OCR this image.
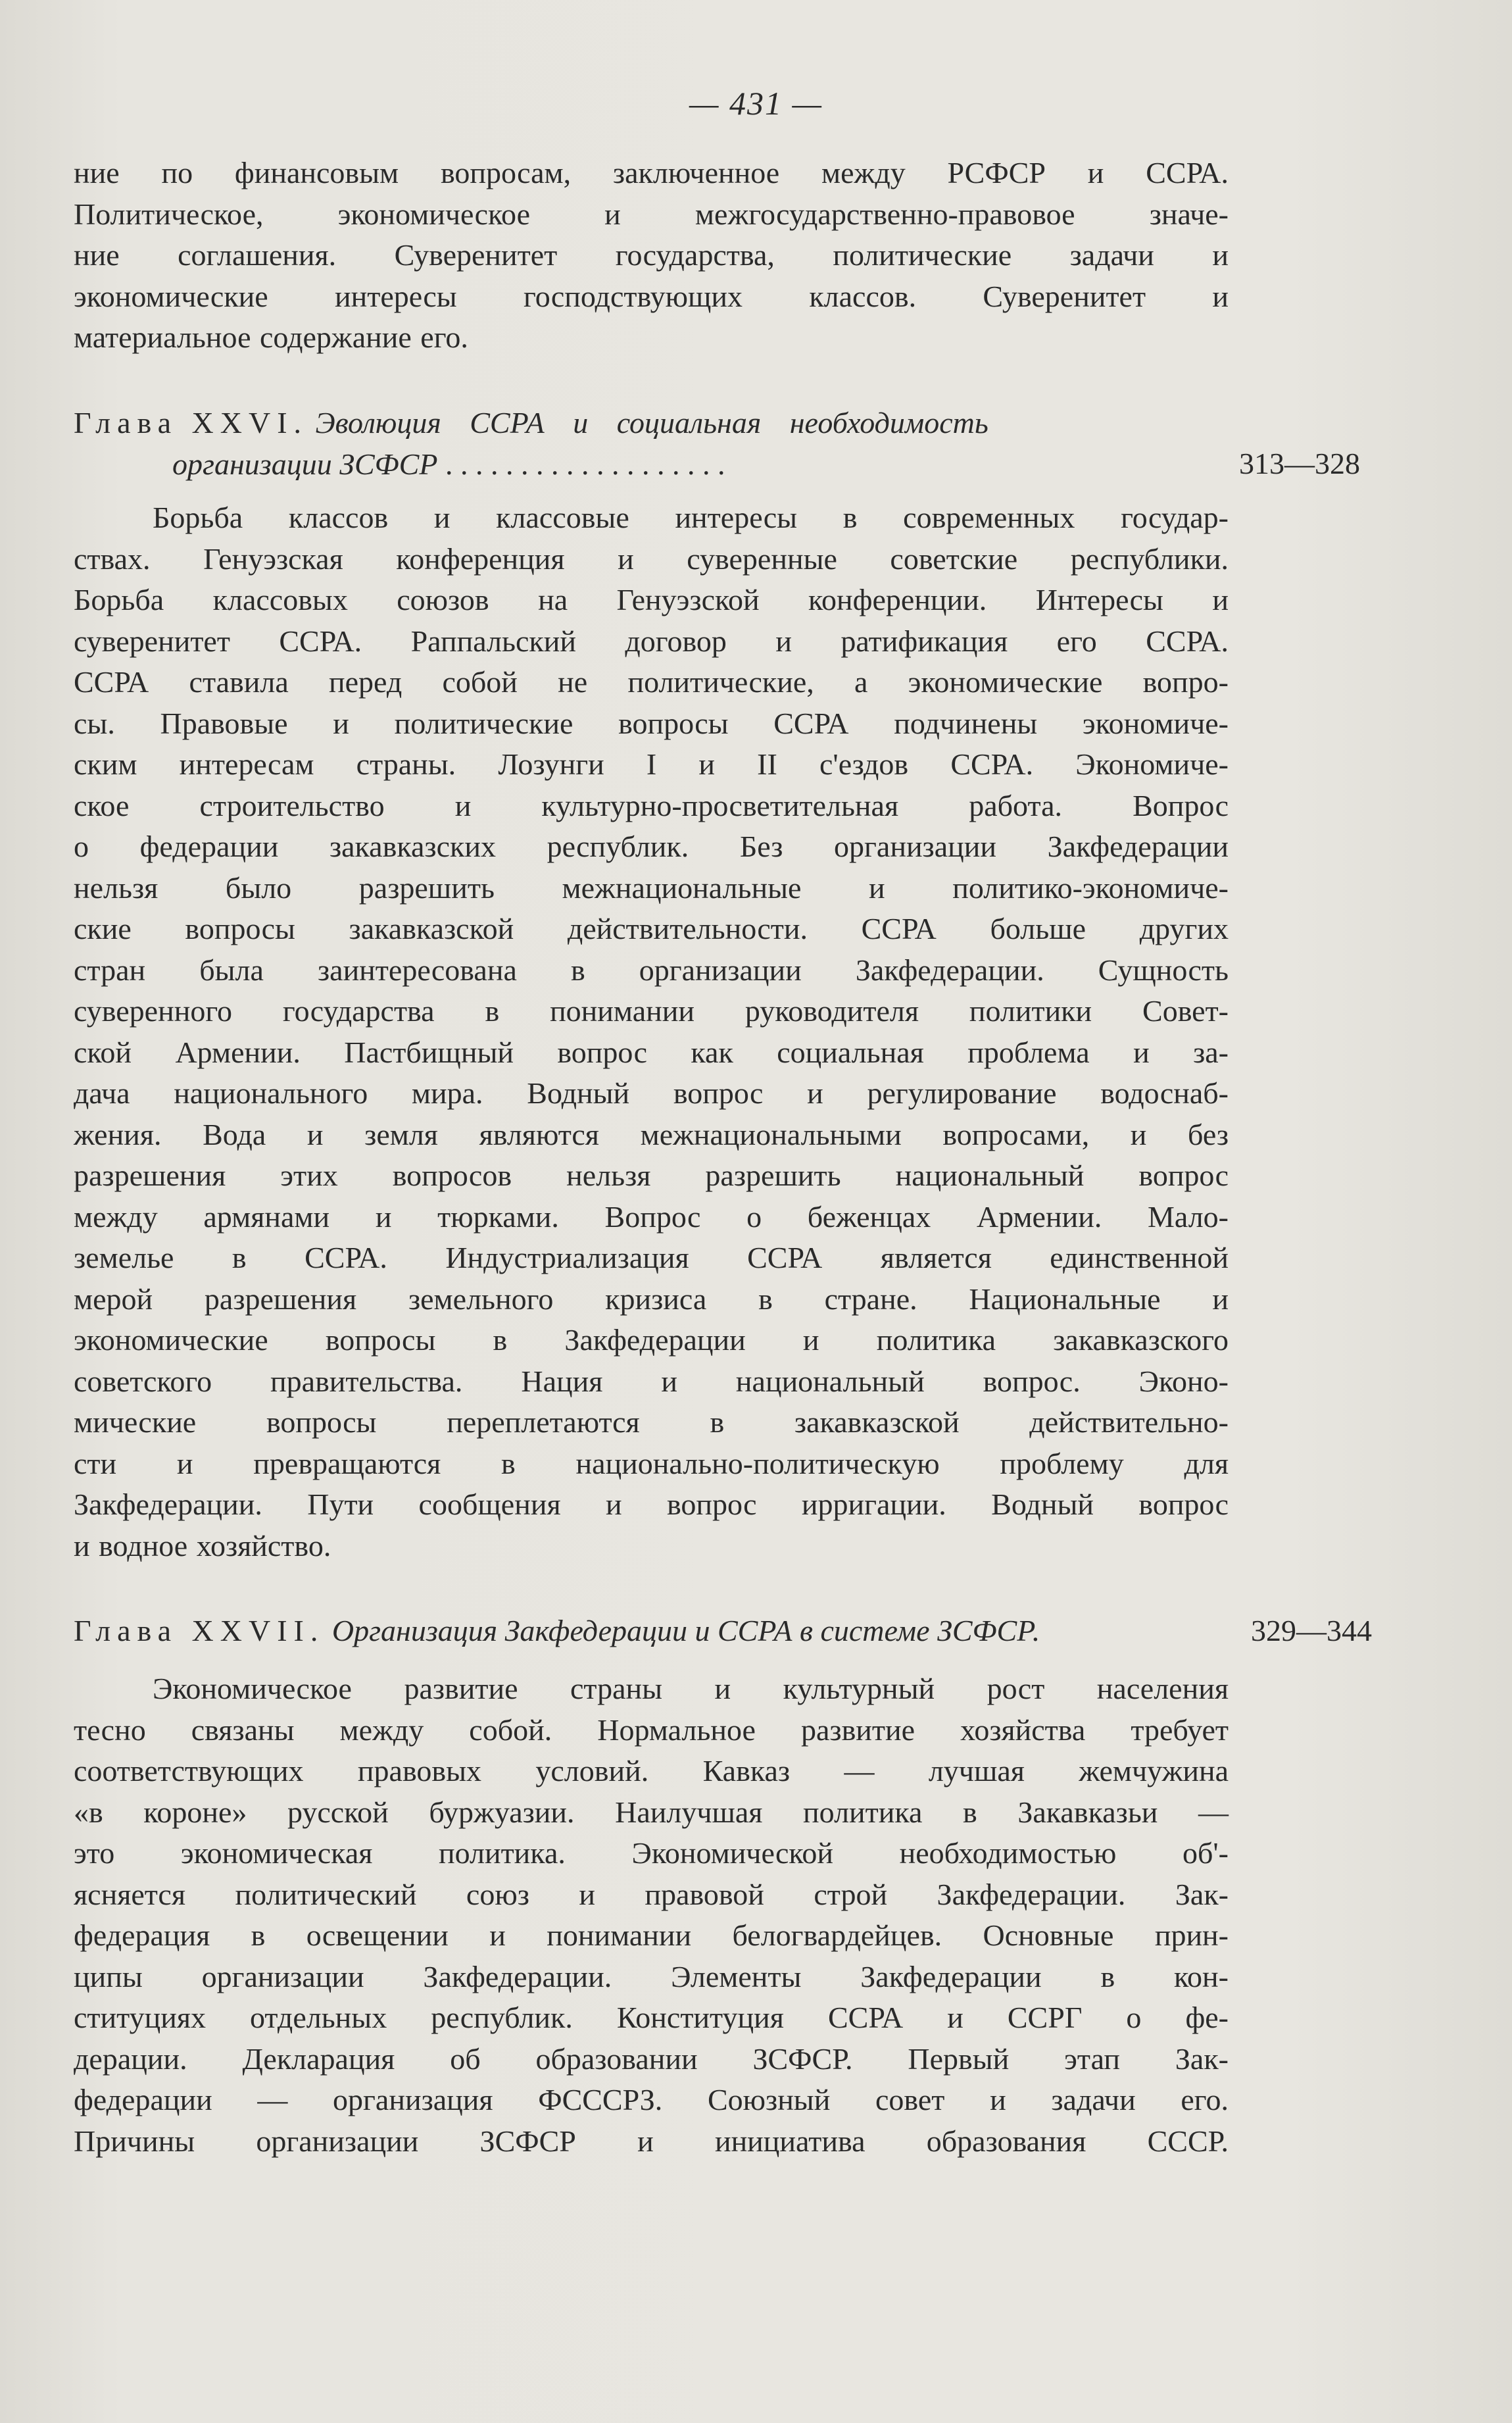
— 431 —
ние по финансовым вопросам, заключенное между РСФСР и ССРА.
Политическое, экономическое и межгосударственно-правовое значе-
ние соглашения. Суверенитет государства, политические задачи и
экономические интересы господствующих классов. Суверенитет и
материальное содержание его.
Глава XXVI. Эволюция ССРА и социальная необходимость
организации ЗСФСР . . . . . . . . . . . . . . . . . . .	313—328
Борьба классов и классовые интересы в современных государ-
ствах. Генуэзская конференция и суверенные советские республики.
Борьба классовых союзов на Генуэзской конференции. Интересы и
суверенитет ССРА. Раппальский договор и ратификация его ССРА.
ССРА ставила перед собой не политические, а экономические вопро-
сы. Правовые и политические вопросы ССРА подчинены экономиче-
ским интересам страны. Лозунги I и II с'ездов ССРА. Экономиче-
ское строительство и культурно-просветительная работа. Вопрос
о федерации закавказских республик. Без организации Закфедерации
нельзя было разрешить межнациональные и политико-экономиче-
ские вопросы закавказской действительности. ССРА больше других
стран была заинтересована в организации Закфедерации. Сущность
суверенного государства в понимании руководителя политики Совет-
ской Армении. Пастбищный вопрос как социальная проблема и за-
дача национального мира. Водный вопрос и регулирование водоснаб-
жения. Вода и земля являются межнациональными вопросами, и без
разрешения этих вопросов нельзя разрешить национальный вопрос
между армянами и тюрками. Вопрос о беженцах Армении. Мало-
земелье в ССРА. Индустриализация ССРА является единственной
мерой разрешения земельного кризиса в стране. Национальные и
экономические вопросы в Закфедерации и политика закавказского
советского правительства. Нация и национальный вопрос. Эконо-
мические вопросы переплетаются в закавказской действительно-
сти и превращаются в национально-политическую проблему для
Закфедерации. Пути сообщения и вопрос ирригации. Водный вопрос
и водное хозяйство.
Глава XXVII. Организация Закфедерации и ССРА в системе ЗСФСР.	329—344
Экономическое развитие страны и культурный рост населения
тесно связаны между собой. Нормальное развитие хозяйства требует
соответствующих правовых условий. Кавказ — лучшая жемчужина
«в короне» русской буржуазии. Наилучшая политика в Закавказьи —
это экономическая политика. Экономической необходимостью об'-
ясняется политический союз и правовой строй Закфедерации. Зак-
федерация в освещении и понимании белогвардейцев. Основные прин-
ципы организации Закфедерации. Элементы Закфедерации в кон-
ституциях отдельных республик. Конституция ССРА и ССРГ о фе-
дерации. Декларация об образовании ЗСФСР. Первый этап Зак-
федерации — организация ФСССРЗ. Союзный совет и задачи его.
Причины организации ЗСФСР и инициатива образования СССР.
